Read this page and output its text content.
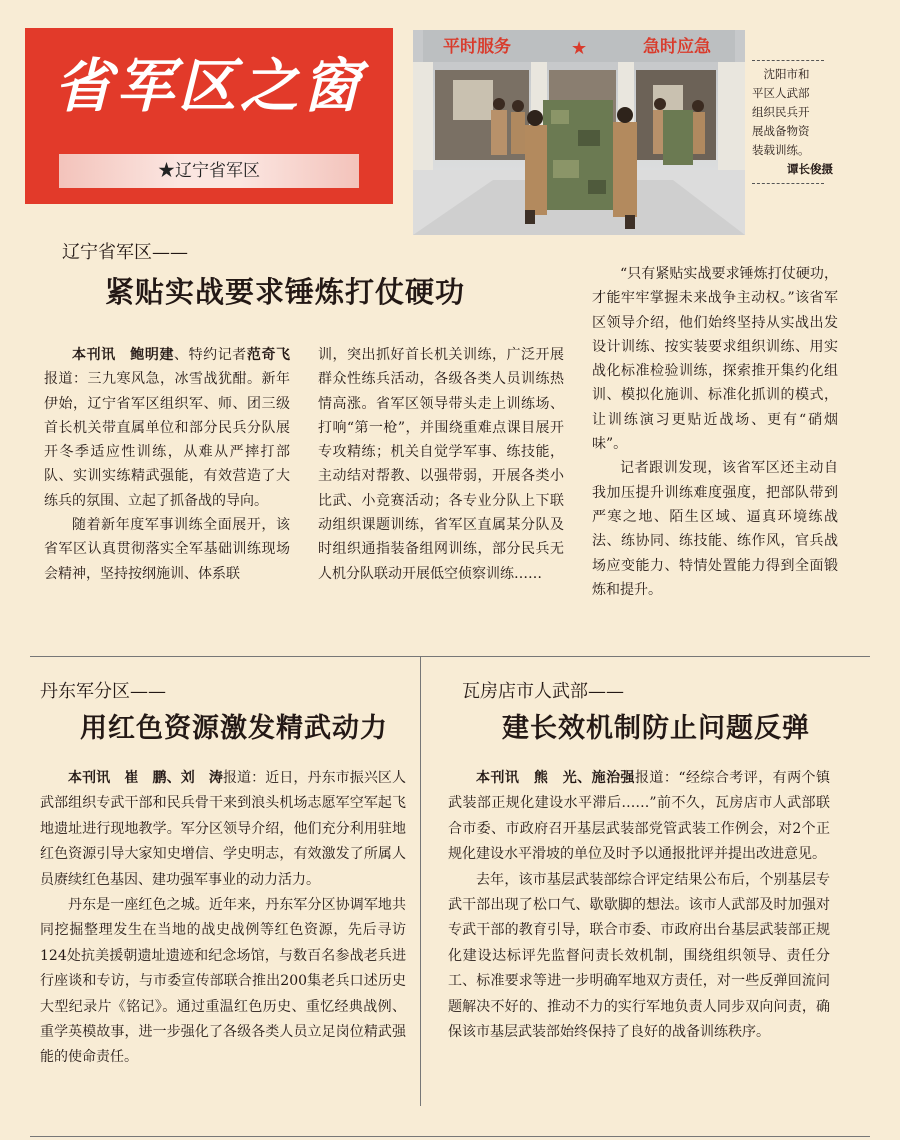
省军区之窗
★辽宁省军区
平时服务	急时应急
★
沈阳市和
平区人武部
组织民兵开
展战备物资
装载训练。
谭长俊摄
辽宁省军区——
紧贴实战要求锤炼打仗硬功

本刊讯　鲍明建、特约记者范奇飞报道：三九寒风急，冰雪战犹酣。新年伊始，辽宁省军区组织军、师、团三级首长机关带直属单位和部分民兵分队展开冬季适应性训练，从难从严摔打部队、实训实练精武强能，有效营造了大练兵的氛围、立起了抓备战的导向。

随着新年度军事训练全面展开，该省军区认真贯彻落实全军基础训练现场会精神，坚持按纲施训、体系联

训，突出抓好首长机关训练，广泛开展群众性练兵活动，各级各类人员训练热情高涨。省军区领导带头走上训练场、打响“第一枪”，并围绕重难点课目展开专攻精练；机关自觉学军事、练技能，主动结对帮教、以强带弱，开展各类小比武、小竞赛活动；各专业分队上下联动组织课题训练，省军区直属某分队及时组织通指装备组网训练，部分民兵无人机分队联动开展低空侦察训练……

“只有紧贴实战要求锤炼打仗硬功，才能牢牢掌握未来战争主动权。”该省军区领导介绍，他们始终坚持从实战出发设计训练、按实装要求组织训练、用实战化标准检验训练，探索推开集约化组训、模拟化施训、标准化抓训的模式，让训练演习更贴近战场、更有“硝烟味”。

记者跟训发现，该省军区还主动自我加压提升训练难度强度，把部队带到严寒之地、陌生区域、逼真环境练战法、练协同、练技能、练作风，官兵战场应变能力、特情处置能力得到全面锻炼和提升。

丹东军分区——
用红色资源激发精武动力

本刊讯　崔　鹏、刘　涛报道：近日，丹东市振兴区人武部组织专武干部和民兵骨干来到浪头机场志愿军空军起飞地遗址进行现地教学。军分区领导介绍，他们充分利用驻地红色资源引导大家知史增信、学史明志，有效激发了所属人员赓续红色基因、建功强军事业的动力活力。

丹东是一座红色之城。近年来，丹东军分区协调军地共同挖掘整理发生在当地的战史战例等红色资源，先后寻访124处抗美援朝遗址遗迹和纪念场馆，与数百名参战老兵进行座谈和专访，与市委宣传部联合推出200集老兵口述历史大型纪录片《铭记》。通过重温红色历史、重忆经典战例、重学英模故事，进一步强化了各级各类人员立足岗位精武强能的使命责任。

瓦房店市人武部——
建长效机制防止问题反弹

本刊讯　熊　光、施治强报道：“经综合考评，有两个镇武装部正规化建设水平滞后……”前不久，瓦房店市人武部联合市委、市政府召开基层武装部党管武装工作例会，对2个正规化建设水平滑坡的单位及时予以通报批评并提出改进意见。

去年，该市基层武装部综合评定结果公布后，个别基层专武干部出现了松口气、歇歇脚的想法。该市人武部及时加强对专武干部的教育引导，联合市委、市政府出台基层武装部正规化建设达标评先监督问责长效机制，围绕组织领导、责任分工、标准要求等进一步明确军地双方责任，对一些反弹回流问题解决不好的、推动不力的实行军地负责人同步双向问责，确保该市基层武装部始终保持了良好的战备训练秩序。
